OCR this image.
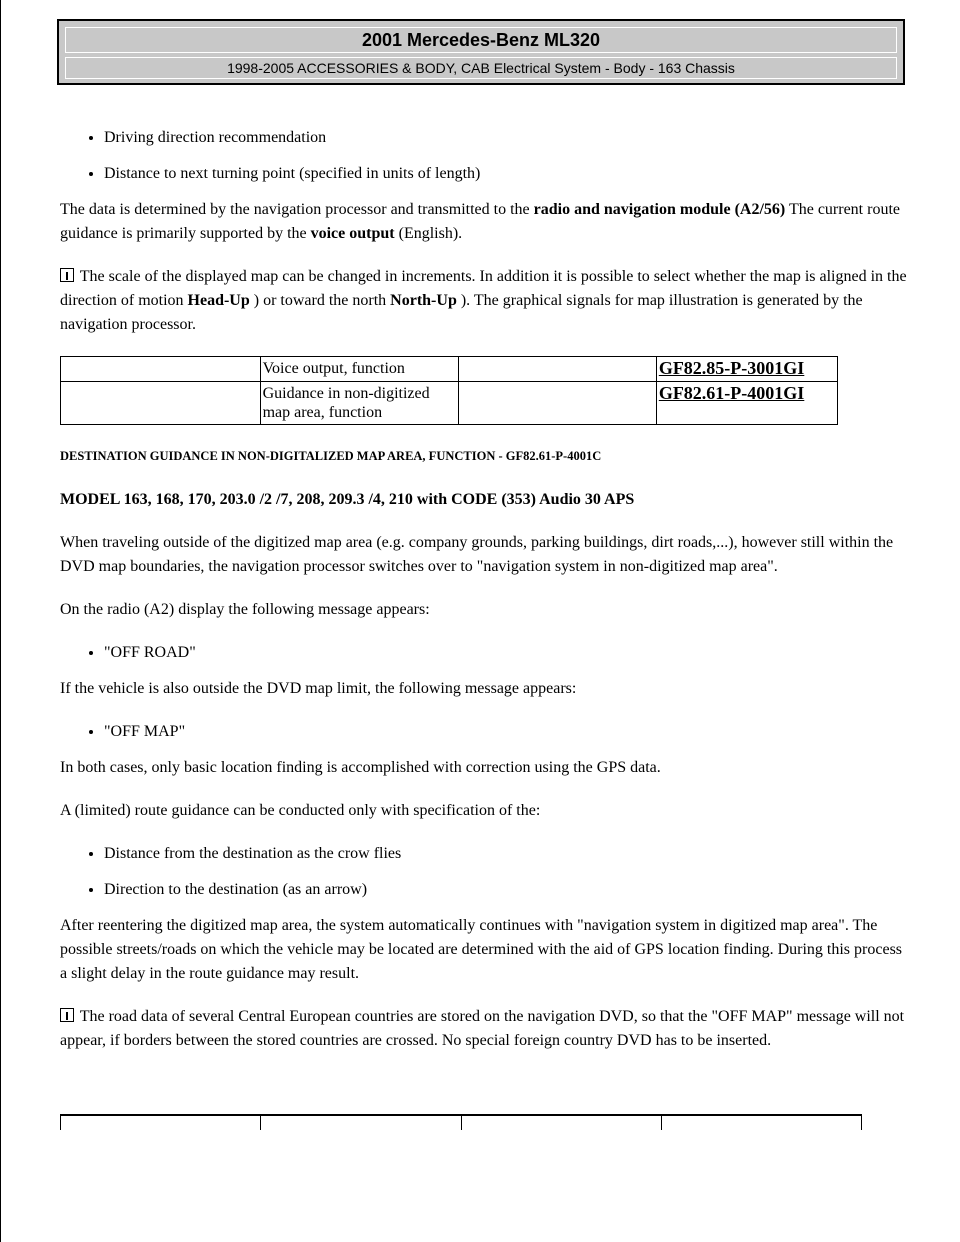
2001 Mercedes-Benz ML320
1998-2005 ACCESSORIES & BODY, CAB Electrical System - Body - 163 Chassis
• Driving direction recommendation
• Distance to next turning point (specified in units of length)

The data is determined by the navigation processor and transmitted to the radio and navigation module (A2/56) The current route guidance is primarily supported by the voice output (English).

The scale of the displayed map can be changed in increments. In addition it is possible to select whether the map is aligned in the direction of motion Head-Up ) or toward the north North-Up ). The graphical signals for map illustration is generated by the navigation processor.

	Voice output, function		GF82.85-P-3001GI
	Guidance in non-digitized map area, function		GF82.61-P-4001GI

DESTINATION GUIDANCE IN NON-DIGITALIZED MAP AREA, FUNCTION - GF82.61-P-4001C

MODEL 163, 168, 170, 203.0 /2 /7, 208, 209.3 /4, 210 with CODE (353) Audio 30 APS

When traveling outside of the digitized map area (e.g. company grounds, parking buildings, dirt roads,...), however still within the DVD map boundaries, the navigation processor switches over to "navigation system in non-digitized map area".

On the radio (A2) display the following message appears:

• "OFF ROAD"

If the vehicle is also outside the DVD map limit, the following message appears:

• "OFF MAP"

In both cases, only basic location finding is accomplished with correction using the GPS data.

A (limited) route guidance can be conducted only with specification of the:

• Distance from the destination as the crow flies
• Direction to the destination (as an arrow)

After reentering the digitized map area, the system automatically continues with "navigation system in digitized map area". The possible streets/roads on which the vehicle may be located are determined with the aid of GPS location finding. During this process a slight delay in the route guidance may result.

The road data of several Central European countries are stored on the navigation DVD, so that the "OFF MAP" message will not appear, if borders between the stored countries are crossed. No special foreign country DVD has to be inserted.
